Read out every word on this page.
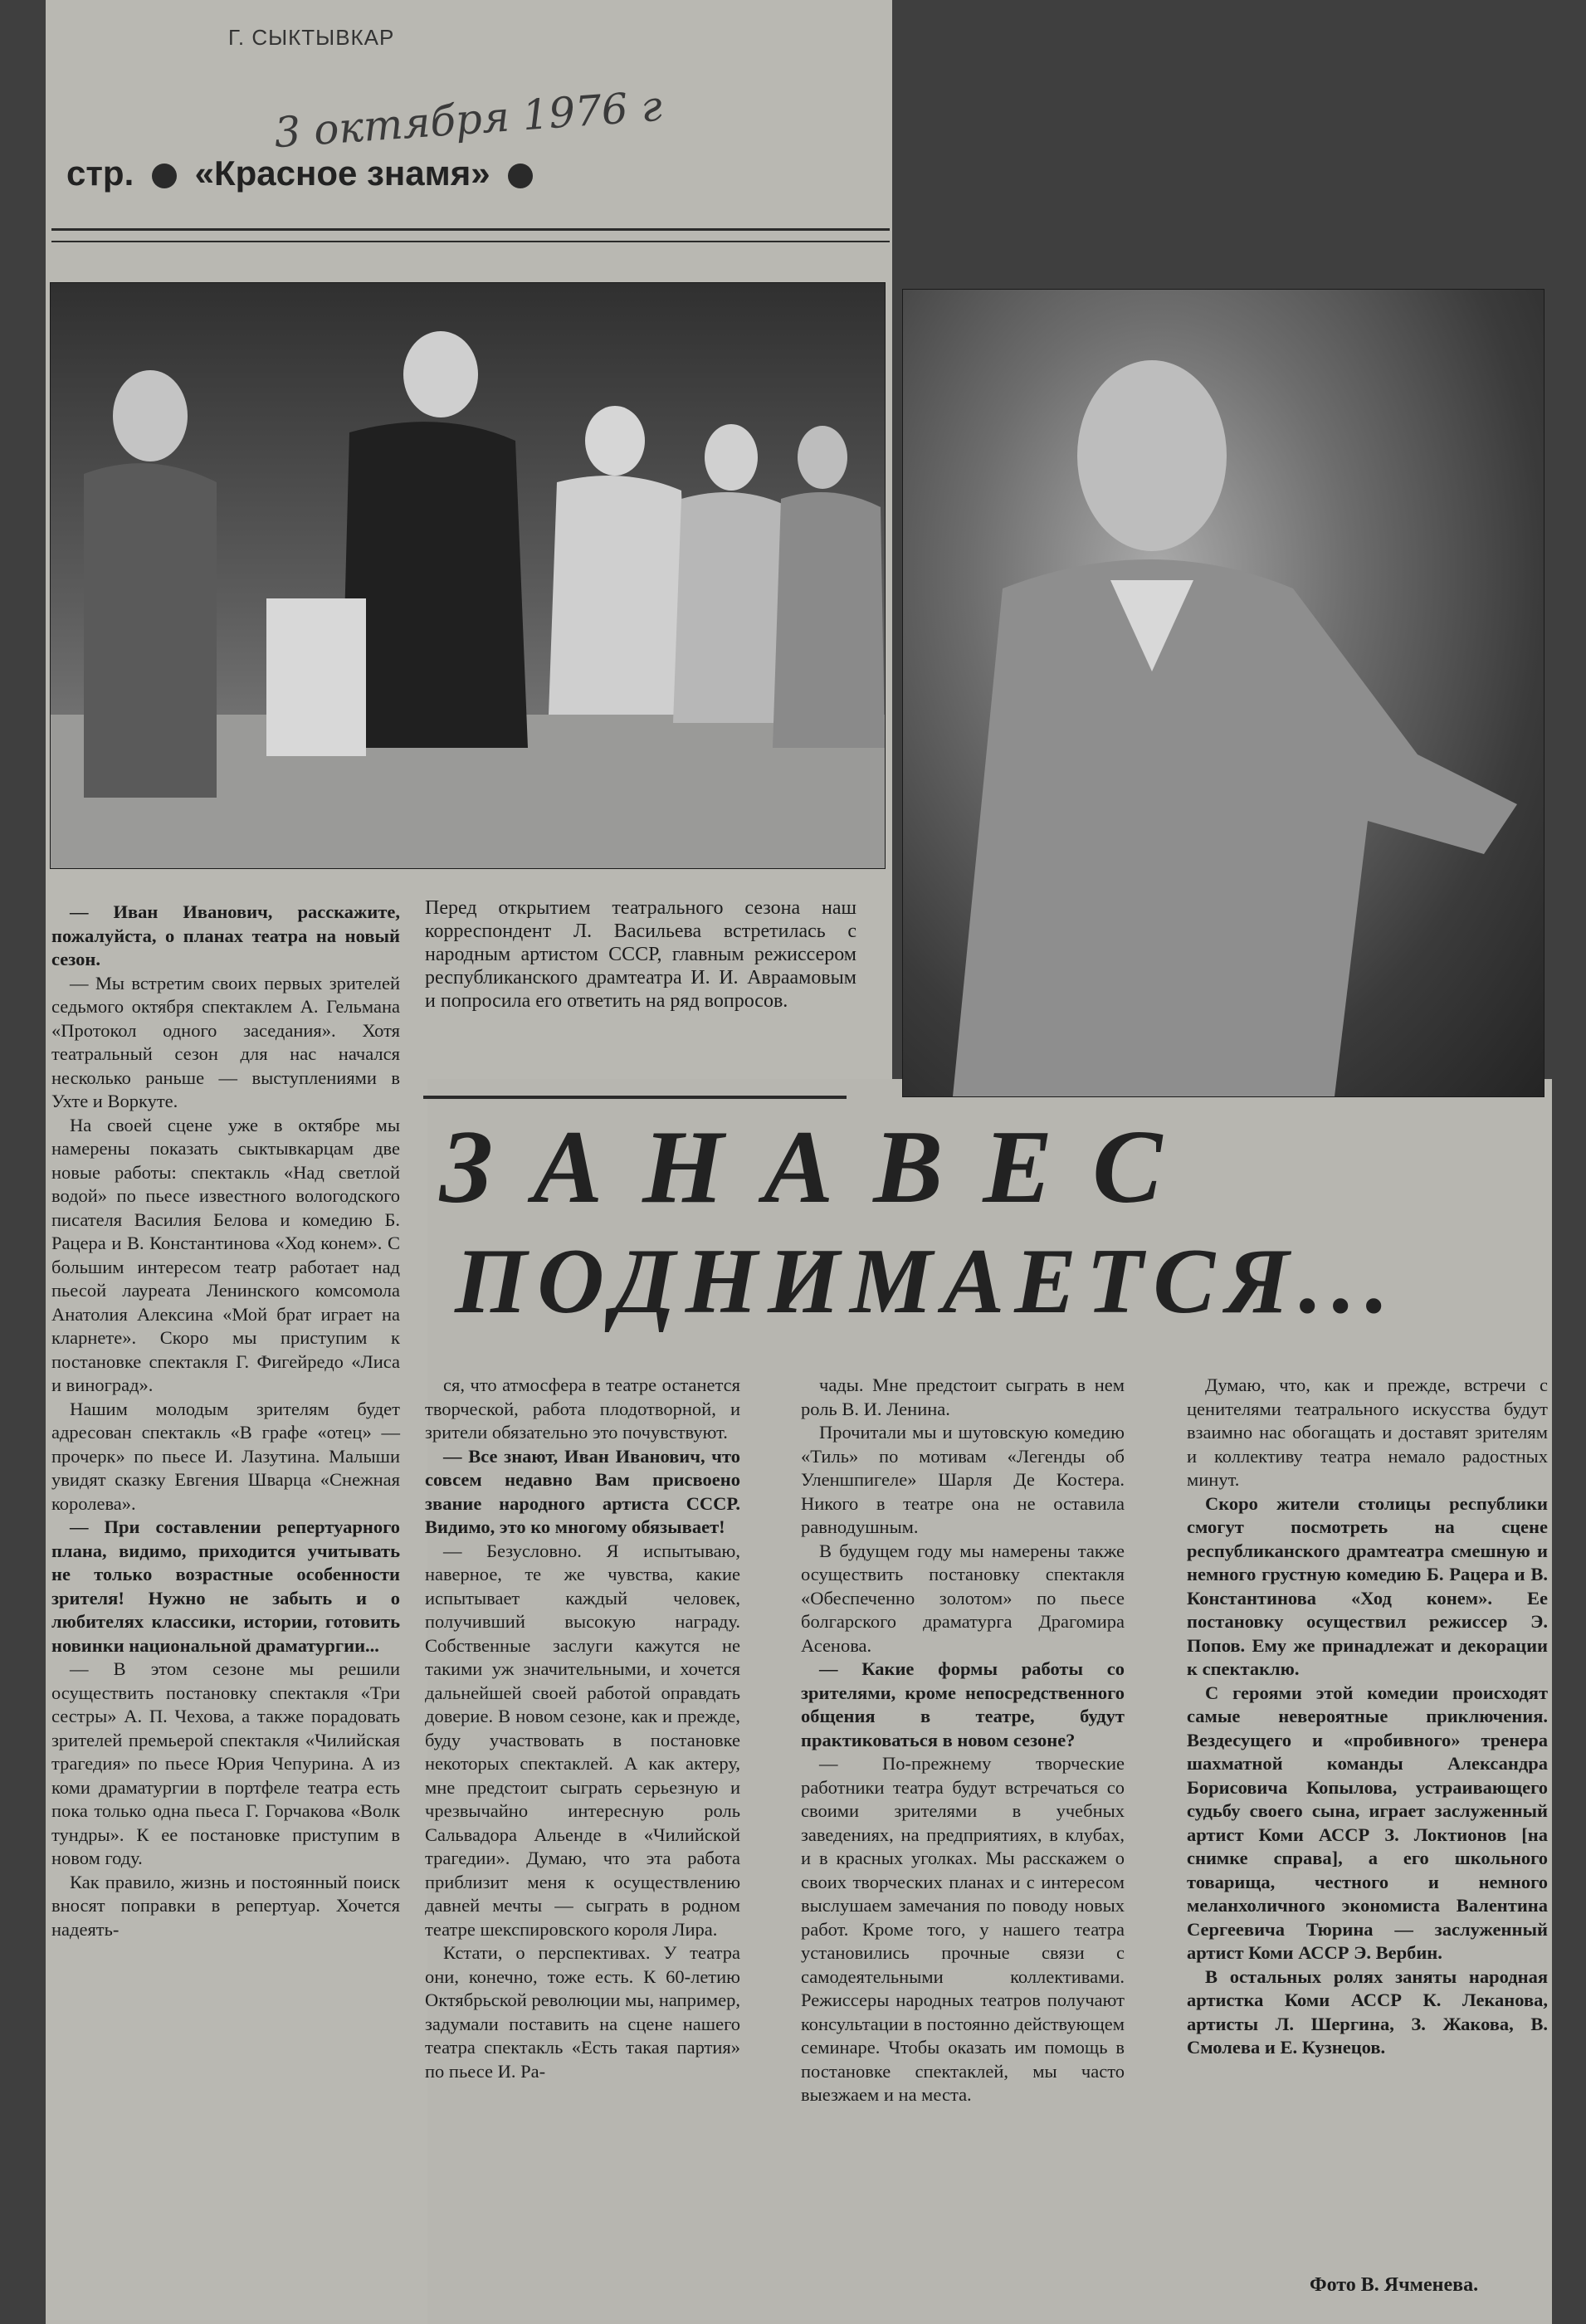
Г. СЫКТЫВКАР
3 октября 1976 г
стр. «Красное знамя»
Перед открытием театрального сезона наш корреспондент Л. Васильева встретилась с народным артистом СССР, главным режиссером республиканского драмтеатра И. И. Авраамовым и попросила его ответить на ряд вопросов.
ЗАНАВЕС
ПОДНИМАЕТСЯ...

— Иван Иванович, расскажите, пожалуйста, о планах театра на новый сезон.

— Мы встретим своих первых зрителей седьмого октября спектаклем А. Гельмана «Протокол одного заседания». Хотя театральный сезон для нас начался несколько раньше — выступлениями в Ухте и Воркуте.

На своей сцене уже в октябре мы намерены показать сыктывкарцам две новые работы: спектакль «Над светлой водой» по пьесе известного вологодского писателя Василия Белова и комедию Б. Рацера и В. Константинова «Ход конем». С большим интересом театр работает над пьесой лауреата Ленинского комсомола Анатолия Алексина «Мой брат играет на кларнете». Скоро мы приступим к постановке спектакля Г. Фигейредо «Лиса и виноград».

Нашим молодым зрителям будет адресован спектакль «В графе «отец» — прочерк» по пьесе И. Лазутина. Малыши увидят сказку Евгения Шварца «Снежная королева».

— При составлении репертуарного плана, видимо, приходится учитывать не только возрастные особенности зрителя! Нужно не забыть и о любителях классики, истории, готовить новинки национальной драматургии...

— В этом сезоне мы решили осуществить постановку спектакля «Три сестры» А. П. Чехова, а также порадовать зрителей премьерой спектакля «Чилийская трагедия» по пьесе Юрия Чепурина. А из коми драматургии в портфеле театра есть пока только одна пьеса Г. Горчакова «Волк тундры». К ее постановке приступим в новом году.

Как правило, жизнь и постоянный поиск вносят поправки в репертуар. Хочется надеять-

ся, что атмосфера в театре останется творческой, работа плодотворной, и зрители обязательно это почувствуют.

— Все знают, Иван Иванович, что совсем недавно Вам присвоено звание народного артиста СССР. Видимо, это ко многому обязывает!

— Безусловно. Я испытываю, наверное, те же чувства, какие испытывает каждый человек, получивший высокую награду. Собственные заслуги кажутся не такими уж значительными, и хочется дальнейшей своей работой оправдать доверие. В новом сезоне, как и прежде, буду участвовать в постановке некоторых спектаклей. А как актеру, мне предстоит сыграть серьезную и чрезвычайно интересную роль Сальвадора Альенде в «Чилийской трагедии». Думаю, что эта работа приблизит меня к осуществлению давней мечты — сыграть в родном театре шекспировского короля Лира.

Кстати, о перспективах. У театра они, конечно, тоже есть. К 60-летию Октябрьской революции мы, например, задумали поставить на сцене нашего театра спектакль «Есть такая партия» по пьесе И. Ра-

чады. Мне предстоит сыграть в нем роль В. И. Ленина.

Прочитали мы и шутовскую комедию «Тиль» по мотивам «Легенды об Уленшпигеле» Шарля Де Костера. Никого в театре она не оставила равнодушным.

В будущем году мы намерены также осуществить постановку спектакля «Обеспеченно золотом» по пьесе болгарского драматурга Драгомира Асенова.

— Какие формы работы со зрителями, кроме непосредственного общения в театре, будут практиковаться в новом сезоне?

— По-прежнему творческие работники театра будут встречаться со своими зрителями в учебных заведениях, на предприятиях, в клубах, и в красных уголках. Мы расскажем о своих творческих планах и с интересом выслушаем замечания по поводу новых работ. Кроме того, у нашего театра установились прочные связи с самодеятельными коллективами. Режиссеры народных театров получают консультации в постоянно действующем семинаре. Чтобы оказать им помощь в постановке спектаклей, мы часто выезжаем и на места.

Думаю, что, как и прежде, встречи с ценителями театрального искусства будут взаимно нас обогащать и доставят зрителям и коллективу театра немало радостных минут.

Скоро жители столицы республики смогут посмотреть на сцене республиканского драмтеатра смешную и немного грустную комедию Б. Рацера и В. Константинова «Ход конем». Ее постановку осуществил режиссер Э. Попов. Ему же принадлежат и декорации к спектаклю.

С героями этой комедии происходят самые невероятные приключения. Вездесущего и «пробивного» тренера шахматной команды Александра Борисовича Копылова, устраивающего судьбу своего сына, играет заслуженный артист Коми АССР З. Локтионов [на снимке справа], а его школьного товарища, честного и немного меланхоличного экономиста Валентина Сергеевича Тюрина — заслуженный артист Коми АССР Э. Вербин.

В остальных ролях заняты народная артистка Коми АССР К. Леканова, артисты Л. Шергина, З. Жакова, В. Смолева и Е. Кузнецов.

Фото В. Ячменева.
